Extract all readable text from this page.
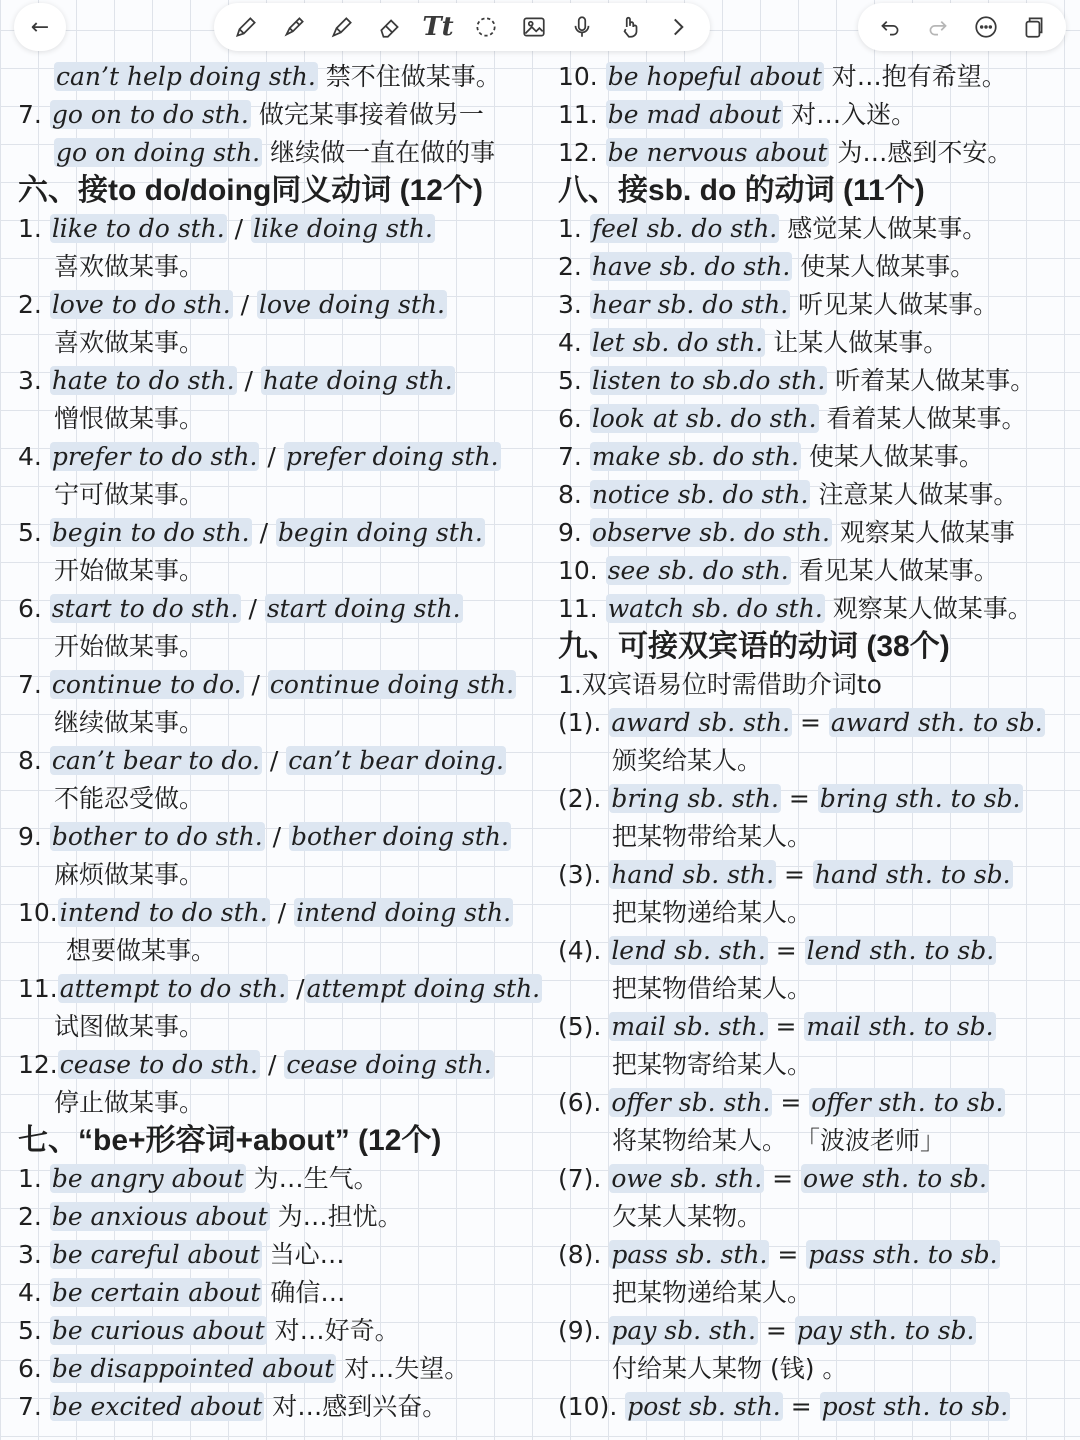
←	Tt
can’t help doing sth. 禁不住做某事。
7. go on to do sth. 做完某事接着做另一
go on doing sth. 继续做一直在做的事
六、接to do/doing同义动词 (12个)
1. like to do sth. / like doing sth.
喜欢做某事。
2. love to do sth. / love doing sth.
喜欢做某事。
3. hate to do sth. / hate doing sth.
憎恨做某事。
4. prefer to do sth. / prefer doing sth.
宁可做某事。
5. begin to do sth. / begin doing sth.
开始做某事。
6. start to do sth. / start doing sth.
开始做某事。
7. continue to do. / continue doing sth.
继续做某事。
8. can’t bear to do. / can’t bear doing.
不能忍受做。
9. bother to do sth. / bother doing sth.
麻烦做某事。
10.intend to do sth. / intend doing sth.
想要做某事。
11.attempt to do sth. /attempt doing sth.
试图做某事。
12.cease to do sth. / cease doing sth.
停止做某事。
七、“be+形容词+about” (12个)
1. be angry about 为…生气。
2. be anxious about 为…担忧。
3. be careful about 当心…
4. be certain about 确信…
5. be curious about 对…好奇。
6. be disappointed about 对…失望。
7. be excited about 对…感到兴奋。
10. be hopeful about 对…抱有希望。
11. be mad about 对…入迷。
12. be nervous about 为…感到不安。
八、接sb. do 的动词 (11个)
1. feel sb. do sth. 感觉某人做某事。
2. have sb. do sth. 使某人做某事。
3. hear sb. do sth. 听见某人做某事。
4. let sb. do sth. 让某人做某事。
5. listen to sb.do sth. 听着某人做某事。
6. look at sb. do sth. 看着某人做某事。
7. make sb. do sth. 使某人做某事。
8. notice sb. do sth. 注意某人做某事。
9. observe sb. do sth. 观察某人做某事
10. see sb. do sth. 看见某人做某事。
11. watch sb. do sth. 观察某人做某事。
九、可接双宾语的动词 (38个)
1.双宾语易位时需借助介词to
(1). award sb. sth. = award sth. to sb.
颁奖给某人。
(2). bring sb. sth. = bring sth. to sb.
把某物带给某人。
(3). hand sb. sth. = hand sth. to sb.
把某物递给某人。
(4). lend sb. sth. = lend sth. to sb.
把某物借给某人。
(5). mail sb. sth. = mail sth. to sb.
把某物寄给某人。
(6). offer sb. sth. = offer sth. to sb.
将某物给某人。 「波波老师」
(7). owe sb. sth. = owe sth. to sb.
欠某人某物。
(8). pass sb. sth. = pass sth. to sb.
把某物递给某人。
(9). pay sb. sth. = pay sth. to sb.
付给某人某物 (钱) 。
(10). post sb. sth. = post sth. to sb.
